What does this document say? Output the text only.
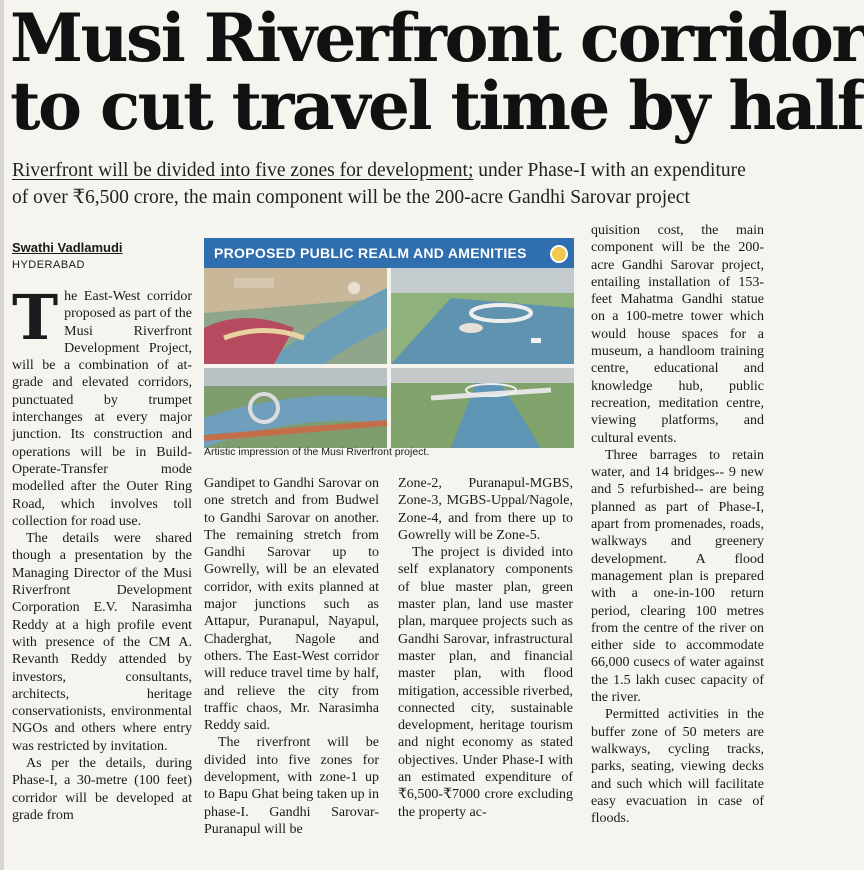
Musi Riverfront corridor
to cut travel time by half
Riverfront will be divided into five zones for development; under Phase-I with an expenditure of over ₹6,500 crore, the main component will be the 200-acre Gandhi Sarovar project
Swathi Vadlamudi
HYDERABAD

The East-West corridor proposed as part of the Musi Riverfront Development Project, will be a combination of at-grade and elevated corridors, punctuated by trumpet interchanges at every major junction. Its construction and operations will be in Build-Operate-Transfer mode modelled after the Outer Ring Road, which involves toll collection for road use.

The details were shared though a presentation by the Managing Director of the Musi Riverfront Development Corporation E.V. Narasimha Reddy at a high profile event with presence of the CM A. Revanth Reddy attended by investors, consultants, architects, heritage conservationists, environmental NGOs and others where entry was restricted by invitation.

As per the details, during Phase-I, a 30-metre (100 feet) corridor will be developed at grade from

PROPOSED PUBLIC REALM AND AMENITIES
Artistic impression of the Musi Riverfront project.

Gandipet to Gandhi Sarovar on one stretch and from Budwel to Gandhi Sarovar on another. The remaining stretch from Gandhi Sarovar up to Gowrelly, will be an elevated corridor, with exits planned at major junctions such as Attapur, Puranapul, Nayapul, Chaderghat, Nagole and others. The East-West corridor will reduce travel time by half, and relieve the city from traffic chaos, Mr. Narasimha Reddy said.

The riverfront will be divided into five zones for development, with zone-1 up to Bapu Ghat being taken up in phase-I. Gandhi Sarovar-Puranapul will be

Zone-2, Puranapul-MGBS, Zone-3, MGBS-Uppal/Nagole, Zone-4, and from there up to Gowrelly will be Zone-5.

The project is divided into self explanatory components of blue master plan, green master plan, land use master plan, marquee projects such as Gandhi Sarovar, infrastructural master plan, and financial master plan, with flood mitigation, accessible riverbed, connected city, sustainable development, heritage tourism and night economy as stated objectives. Under Phase-I with an estimated expenditure of ₹6,500-₹7000 crore excluding the property ac-

quisition cost, the main component will be the 200-acre Gandhi Sarovar project, entailing installation of 153-feet Mahatma Gandhi statue on a 100-metre tower which would house spaces for a museum, a handloom training centre, educational and knowledge hub, public recreation, meditation centre, viewing platforms, and cultural events.

Three barrages to retain water, and 14 bridges-- 9 new and 5 refurbished-- are being planned as part of Phase-I, apart from promenades, roads, walkways and greenery development. A flood management plan is prepared with a one-in-100 return period, clearing 100 metres from the centre of the river on either side to accommodate 66,000 cusecs of water against the 1.5 lakh cusec capacity of the river.

Permitted activities in the buffer zone of 50 meters are walkways, cycling tracks, parks, seating, viewing decks and such which will facilitate easy evacuation in case of floods.
